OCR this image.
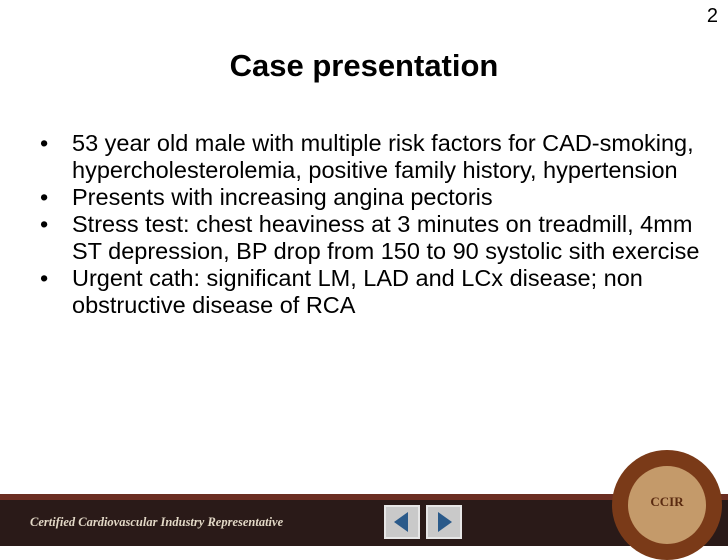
2
Case presentation
• 53 year old male with multiple risk factors for CAD-smoking, hypercholesterolemia, positive family history, hypertension
• Presents with increasing angina pectoris
• Stress test: chest heaviness at 3 minutes on treadmill, 4mm ST depression, BP drop from 150 to 90 systolic sith exercise
• Urgent cath: significant LM, LAD and LCx disease; non obstructive disease of RCA
Certified Cardiovascular Industry Representative
CCIR
